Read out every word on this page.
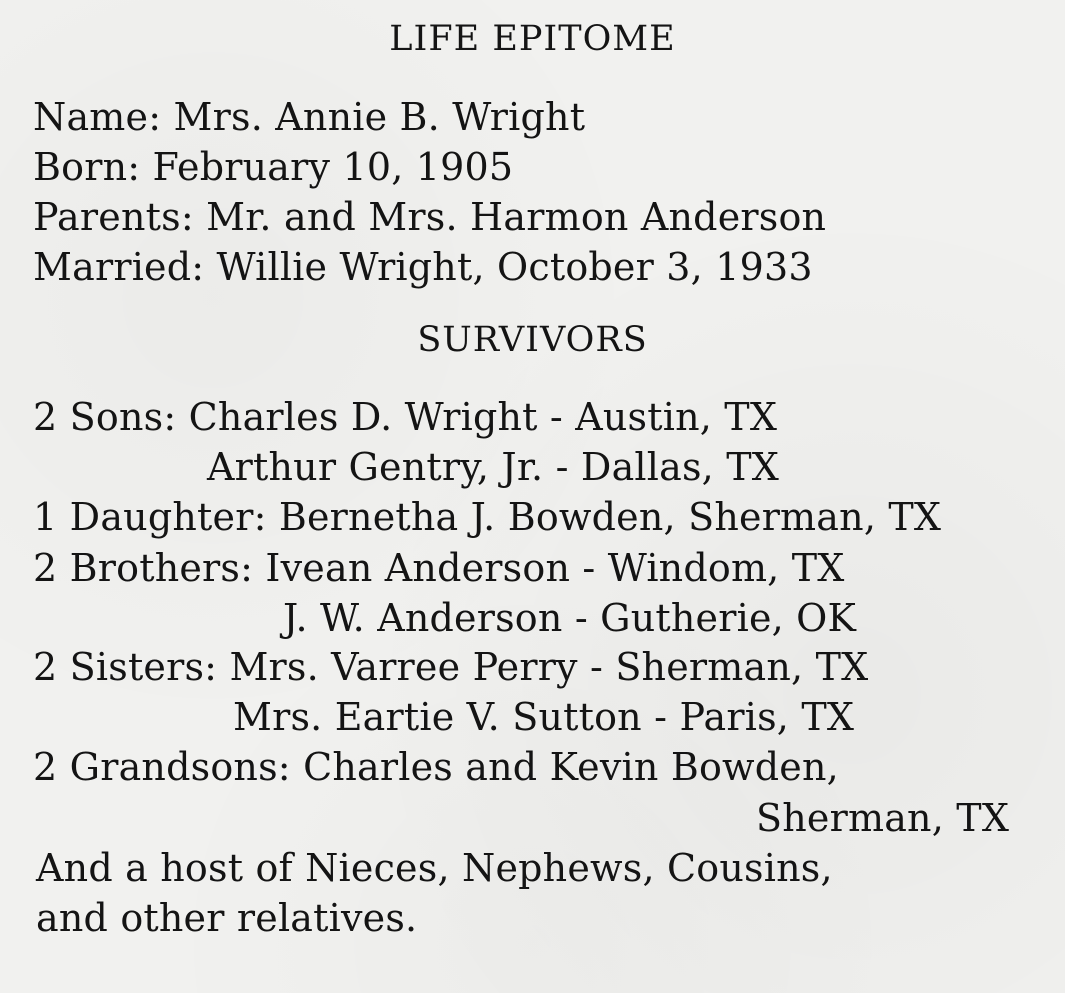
LIFE EPITOME
Name: Mrs. Annie B. Wright
Born: February 10, 1905
Parents: Mr. and Mrs. Harmon Anderson
Married: Willie Wright, October 3, 1933
SURVIVORS
2 Sons: Charles D. Wright - Austin, TX
Arthur Gentry, Jr. - Dallas, TX
1 Daughter: Bernetha J. Bowden, Sherman, TX
2 Brothers: Ivean Anderson - Windom, TX
J. W. Anderson - Gutherie, OK
2 Sisters: Mrs. Varree Perry - Sherman, TX
Mrs. Eartie V. Sutton - Paris, TX
2 Grandsons: Charles and Kevin Bowden,
Sherman, TX
And a host of Nieces, Nephews, Cousins,
and other relatives.
